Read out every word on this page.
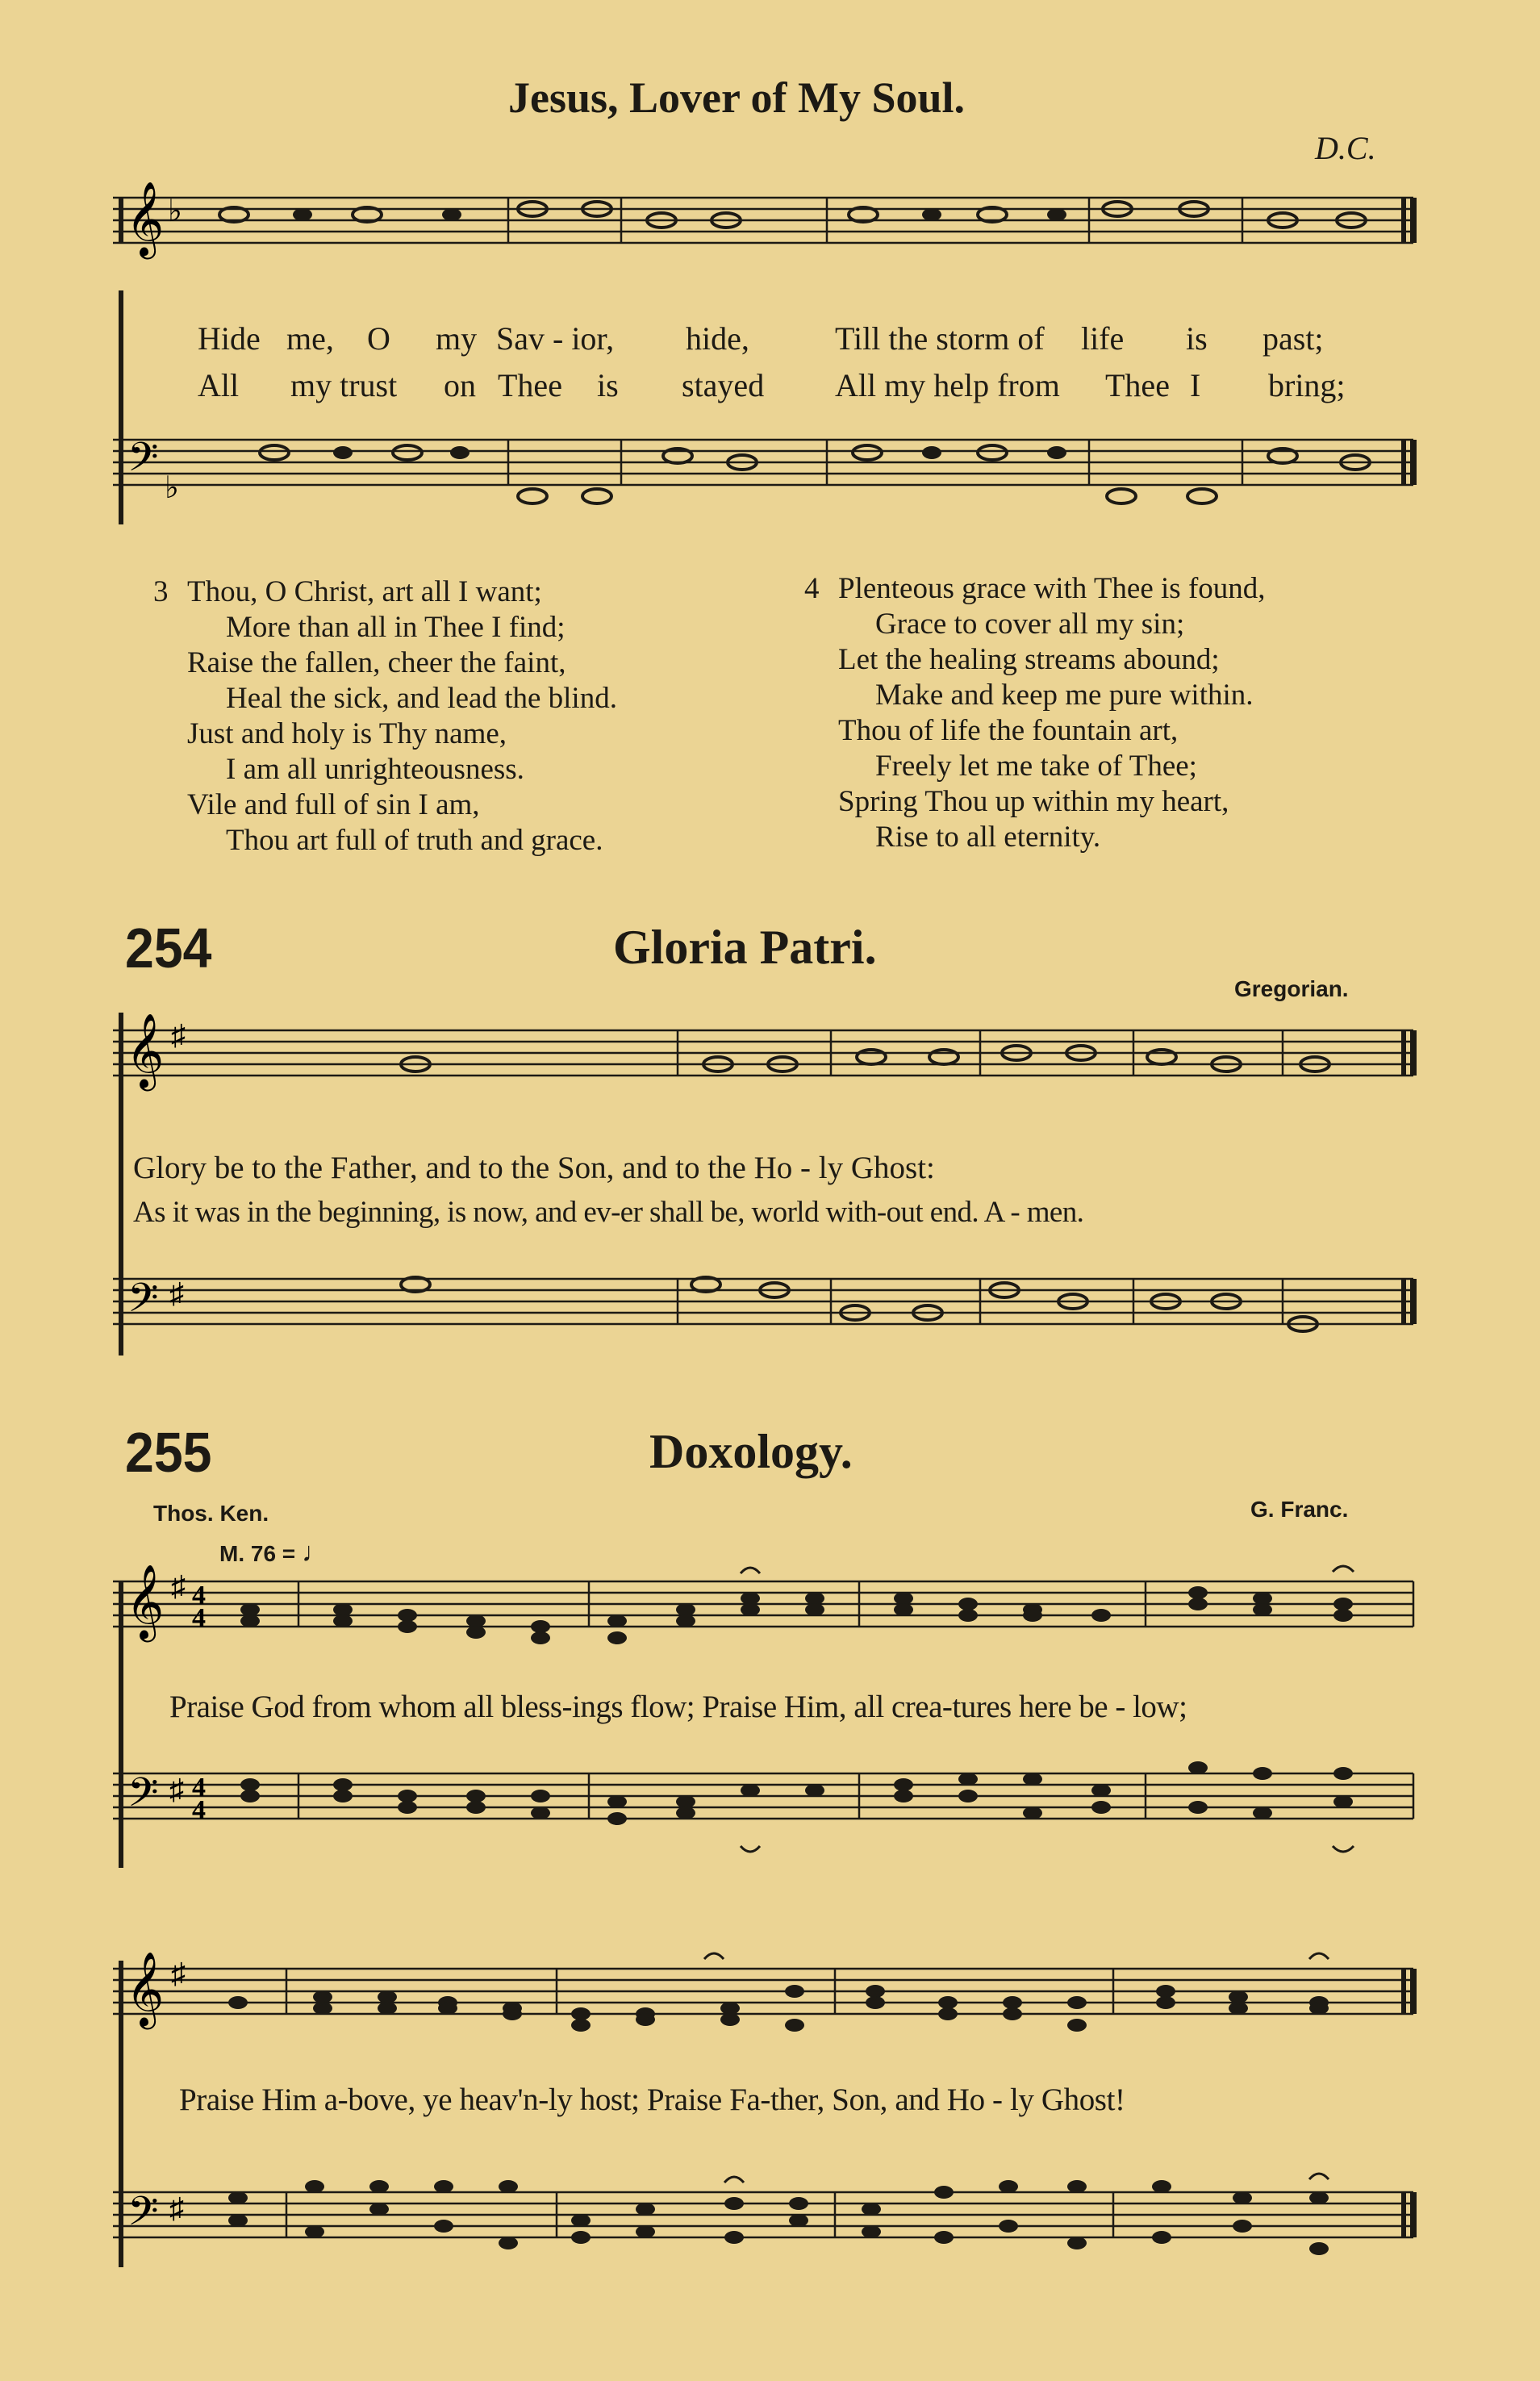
Jesus, Lover of My Soul.
D.C.
𝄞 ♭
Hide me, O my Sav - ior, hide,	Till the storm of life is past;
All my trust on Thee is stayed All my help from Thee I bring;
𝄢 ♭
3 Thou, O Christ, art all I want;
More than all in Thee I find;
Raise the fallen, cheer the faint,
Heal the sick, and lead the blind.
Just and holy is Thy name,
I am all unrighteousness.
Vile and full of sin I am,
Thou art full of truth and grace.
4 Plenteous grace with Thee is found,
Grace to cover all my sin;
Let the healing streams abound;
Make and keep me pure within.
Thou of life the fountain art,
Freely let me take of Thee;
Spring Thou up within my heart,
Rise to all eternity.
254	Gloria Patri.
Gregorian.
𝄞 ♯
Glory be to the Father, and to the Son, and to the Ho - ly Ghost:
As it was in the beginning, is now, and ev-er shall be, world with-out end. A - men.
𝄢 ♯
255	Doxology.
Thos. Ken.	G. Franc.
M. 76 = ♩
𝄞 ♯ 4
4
Praise God from whom all bless-ings flow; Praise Him, all crea-tures here be - low;
𝄢 ♯ 4
4
𝄞 ♯
Praise Him a-bove, ye heav'n-ly host; Praise Fa-ther, Son, and Ho - ly Ghost!
𝄢 ♯
